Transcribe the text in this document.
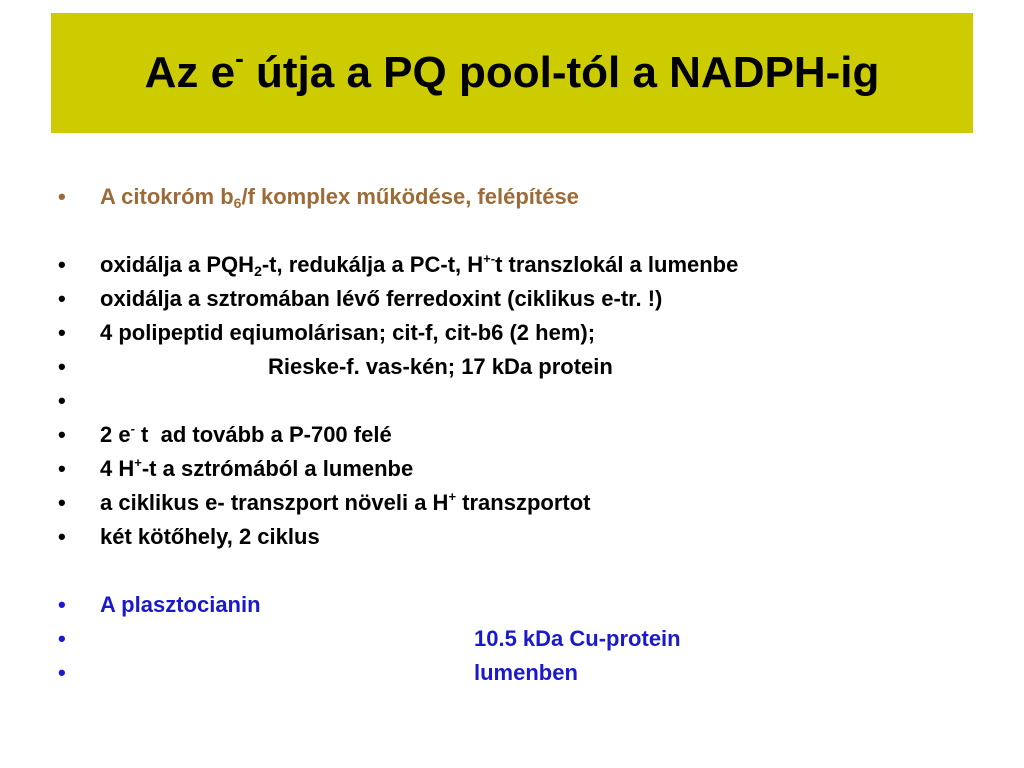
Az e- útja a PQ pool-tól a NADPH-ig
•	A citokróm $b_6/f$ komplex működése, felépítése
•	oxidálja a $PQH_2-t$, redukálja a PC-t, H+-t transzlokál a lumenbe
•	oxidálja a sztromában lévő ferredoxint (ciklikus e-tr. !)
•	4 polipeptid eqiumolárisan; cit-f, cit-b6 (2 hem);
•	Rieske-f. vas-kén; 17 kDa protein
•
•	2 e- t  ad tovább a P-700 felé
•	4 H+-t a sztrómából a lumenbe
•	a ciklikus e- transzport növeli a H+ transzportot
•	két kötőhely, 2 ciklus
•	A plasztocianin
•	10.5 kDa Cu-protein
•	lumenben
